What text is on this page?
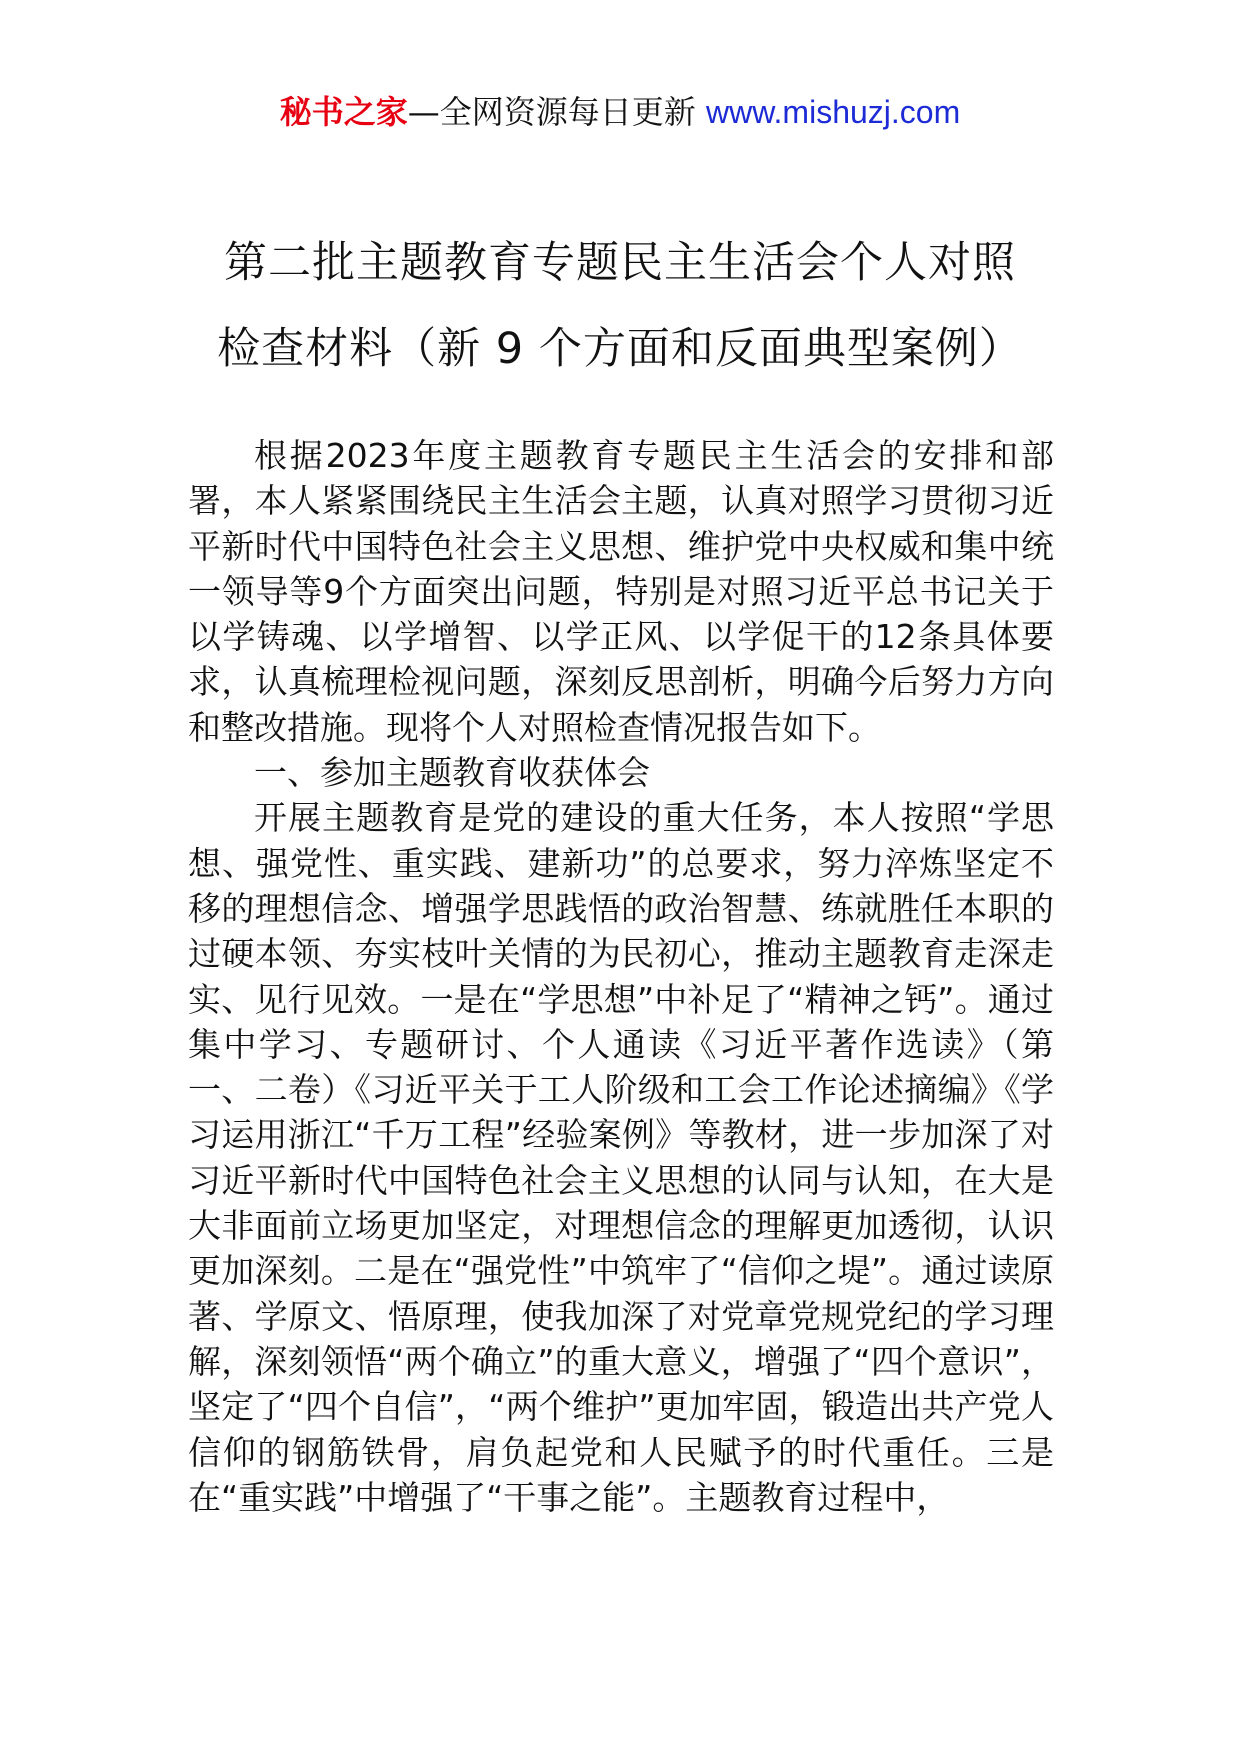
秘书之家—全网资源每日更新 www.mishuzj.com
第二批主题教育专题民主生活会个人对照
检查材料（新 9 个方面和反面典型案例）

根据2023年度主题教育专题民主生活会的安排和部署，本人紧紧围绕民主生活会主题，认真对照学习贯彻习近平新时代中国特色社会主义思想、维护党中央权威和集中统一领导等9个方面突出问题，特别是对照习近平总书记关于以学铸魂、以学增智、以学正风、以学促干的12条具体要求，认真梳理检视问题，深刻反思剖析，明确今后努力方向和整改措施。现将个人对照检查情况报告如下。

一、参加主题教育收获体会

开展主题教育是党的建设的重大任务，本人按照“学思想、强党性、重实践、建新功”的总要求，努力淬炼坚定不移的理想信念、增强学思践悟的政治智慧、练就胜任本职的过硬本领、夯实枝叶关情的为民初心，推动主题教育走深走实、见行见效。一是在“学思想”中补足了“精神之钙”。通过集中学习、专题研讨、个人通读《习近平著作选读》（第一、二卷）《习近平关于工人阶级和工会工作论述摘编》《学习运用浙江“千万工程”经验案例》等教材，进一步加深了对习近平新时代中国特色社会主义思想的认同与认知，在大是大非面前立场更加坚定，对理想信念的理解更加透彻，认识更加深刻。二是在“强党性”中筑牢了“信仰之堤”。通过读原著、学原文、悟原理，使我加深了对党章党规党纪的学习理解，深刻领悟“两个确立”的重大意义，增强了“四个意识”，坚定了“四个自信”，“两个维护”更加牢固，锻造出共产党人信仰的钢筋铁骨，肩负起党和人民赋予的时代重任。三是在“重实践”中增强了“干事之能”。主题教育过程中，
